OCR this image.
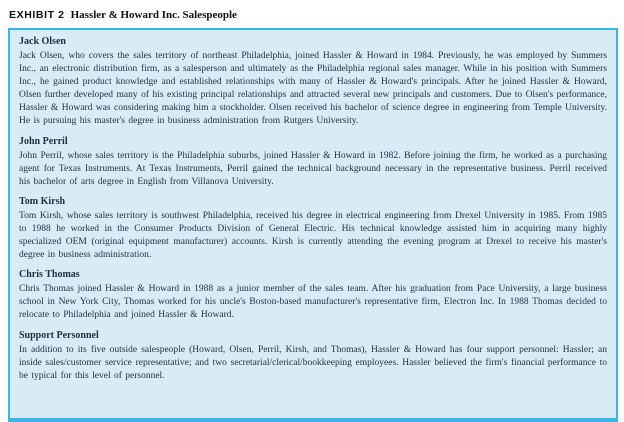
EXHIBIT 2 Hassler & Howard Inc. Salespeople
Jack Olsen

Jack Olsen, who covers the sales territory of northeast Philadelphia, joined Hassler & Howard in 1984. Previously, he was employed by Summers Inc., an electronic distribution firm, as a salesperson and ultimately as the Philadelphia regional sales manager. While in his position with Summers Inc., he gained product knowledge and established relationships with many of Hassler & Howard's principals. After he joined Hassler & Howard, Olsen further developed many of his existing principal relationships and attracted several new principals and customers. Due to Olsen's performance, Hassler & Howard was considering making him a stockholder. Olsen received his bachelor of science degree in engineering from Temple University. He is pursuing his master's degree in business administration from Rutgers University.

John Perril

John Perril, whose sales territory is the Philadelphia suburbs, joined Hassler & Howard in 1982. Before joining the firm, he worked as a purchasing agent for Texas Instruments. At Texas Instruments, Perril gained the technical background necessary in the representative business. Perril received his bachelor of arts degree in English from Villanova University.

Tom Kirsh

Tom Kirsh, whose sales territory is southwest Philadelphia, received his degree in electrical engineering from Drexel University in 1985. From 1985 to 1988 he worked in the Consumer Products Division of General Electric. His technical knowledge assisted him in acquiring many highly specialized OEM (original equipment manufacturer) accounts. Kirsh is currently attending the evening program at Drexel to receive his master's degree in business administration.

Chris Thomas

Chris Thomas joined Hassler & Howard in 1988 as a junior member of the sales team. After his graduation from Pace University, a large business school in New York City, Thomas worked for his uncle's Boston-based manufacturer's representative firm, Electron Inc. In 1988 Thomas decided to relocate to Philadelphia and joined Hassler & Howard.

Support Personnel

In addition to its five outside salespeople (Howard, Olsen, Perril, Kirsh, and Thomas), Hassler & Howard has four support personnel: Hassler; an inside sales/customer service representative; and two secretarial/clerical/bookkeeping employees. Hassler believed the firm's financial performance to be typical for this level of personnel.
